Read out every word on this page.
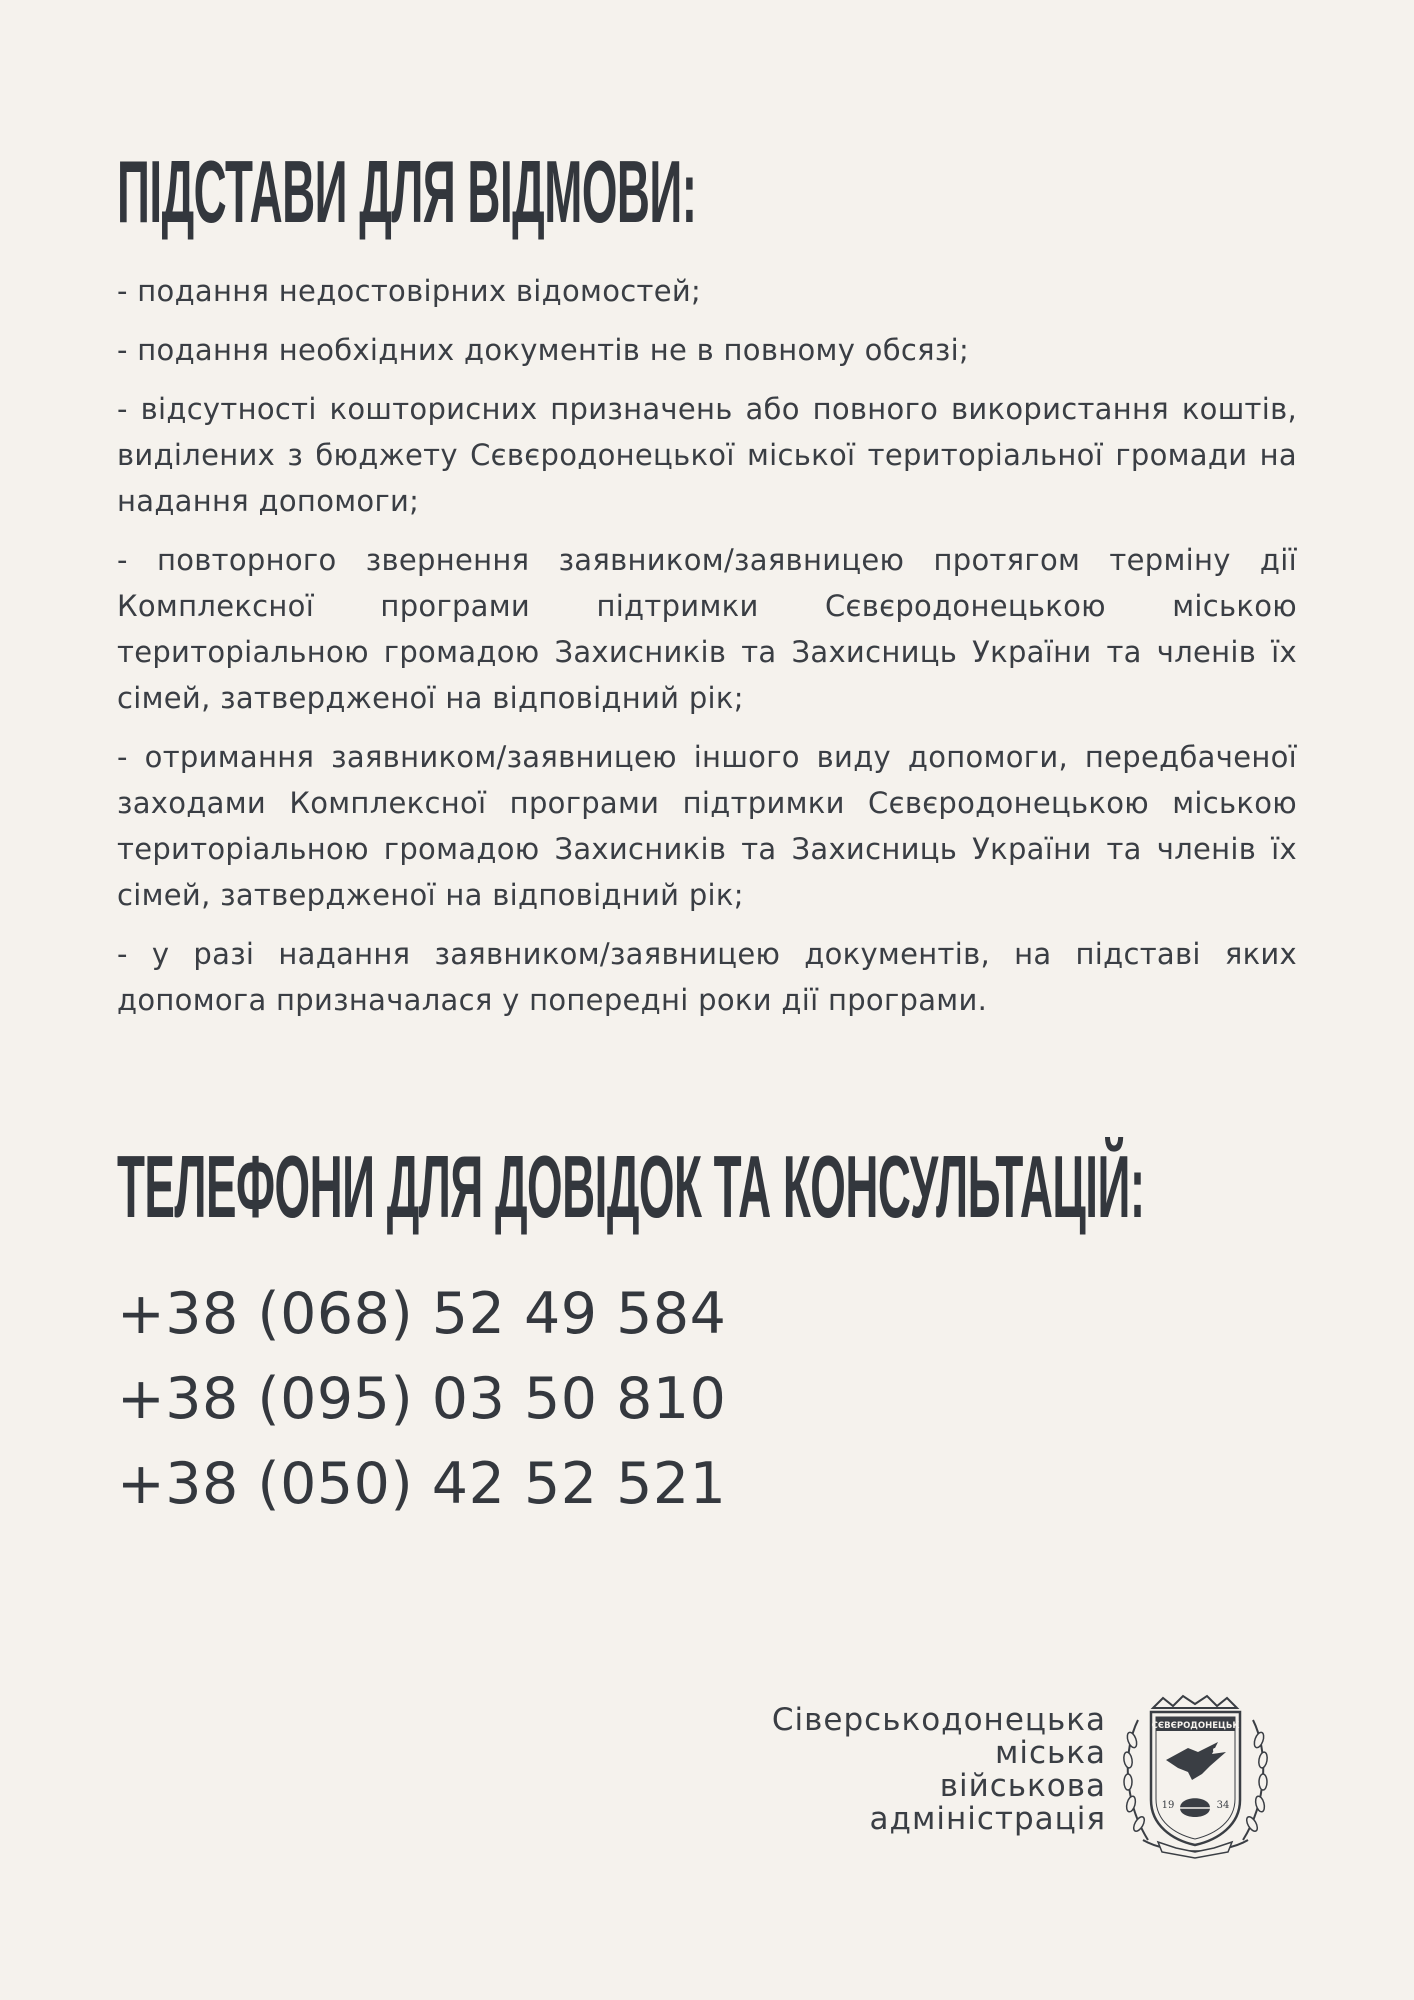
ПІДСТАВИ ДЛЯ ВІДМОВИ:
- подання недостовірних відомостей;
- подання необхідних документів не в повному обсязі;
- відсутності кошторисних призначень або повного використання коштів, виділених з бюджету Сєвєродонецької міської територіальної громади на надання допомоги;
- повторного звернення заявником/заявницею протягом терміну дії Комплексної програми підтримки Сєвєродонецькою міською територіальною громадою Захисників та Захисниць України та членів їх сімей, затвердженої на відповідний рік;
- отримання заявником/заявницею іншого виду допомоги, передбаченої заходами Комплексної програми підтримки Сєвєродонецькою міською територіальною громадою Захисників та Захисниць України та членів їх сімей, затвердженої на відповідний рік;
- у разі надання заявником/заявницею документів, на підставі яких допомога призначалася у попередні роки дії програми.
ТЕЛЕФОНИ ДЛЯ ДОВІДОК ТА КОНСУЛЬТАЦІЙ:
+38 (068) 52 49 584
+38 (095) 03 50 810
+38 (050) 42 52 521
Сіверськодонецька
міська
військова
адміністрація
СЄВЄРОДОНЕЦЬК
19	34
